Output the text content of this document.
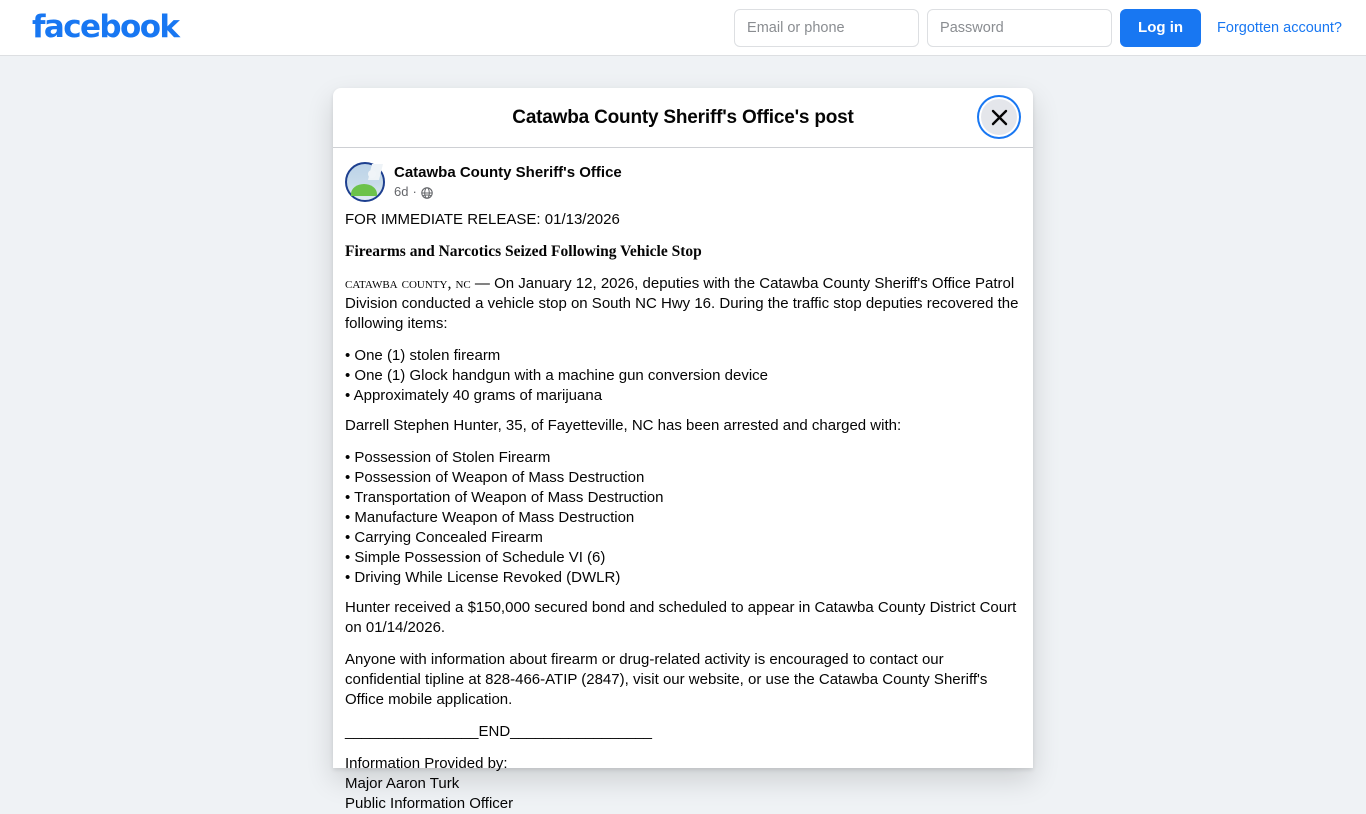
facebook
Email or phone	Log in	Forgotten account?
Catawba County Sheriff's Office's post
Catawba County Sheriff's Office
6d ·
FOR IMMEDIATE RELEASE: 01/13/2026
Firearms and Narcotics Seized Following Vehicle Stop
catawba county, nc — On January 12, 2026, deputies with the Catawba County Sheriff's Office Patrol Division conducted a vehicle stop on South NC Hwy 16. During the traffic stop deputies recovered the following items:
• One (1) stolen firearm
• One (1) Glock handgun with a machine gun conversion device
• Approximately 40 grams of marijuana
Darrell Stephen Hunter, 35, of Fayetteville, NC has been arrested and charged with:
• Possession of Stolen Firearm
• Possession of Weapon of Mass Destruction
• Transportation of Weapon of Mass Destruction
• Manufacture Weapon of Mass Destruction
• Carrying Concealed Firearm
• Simple Possession of Schedule VI (6)
• Driving While License Revoked (DWLR)
Hunter received a $150,000 secured bond and scheduled to appear in Catawba County District Court on 01/14/2026.
Anyone with information about firearm or drug-related activity is encouraged to contact our confidential tipline at 828-466-ATIP (2847), visit our website, or use the Catawba County Sheriff's Office mobile application.
________________END_________________
Information Provided by:
Major Aaron Turk
Public Information Officer
